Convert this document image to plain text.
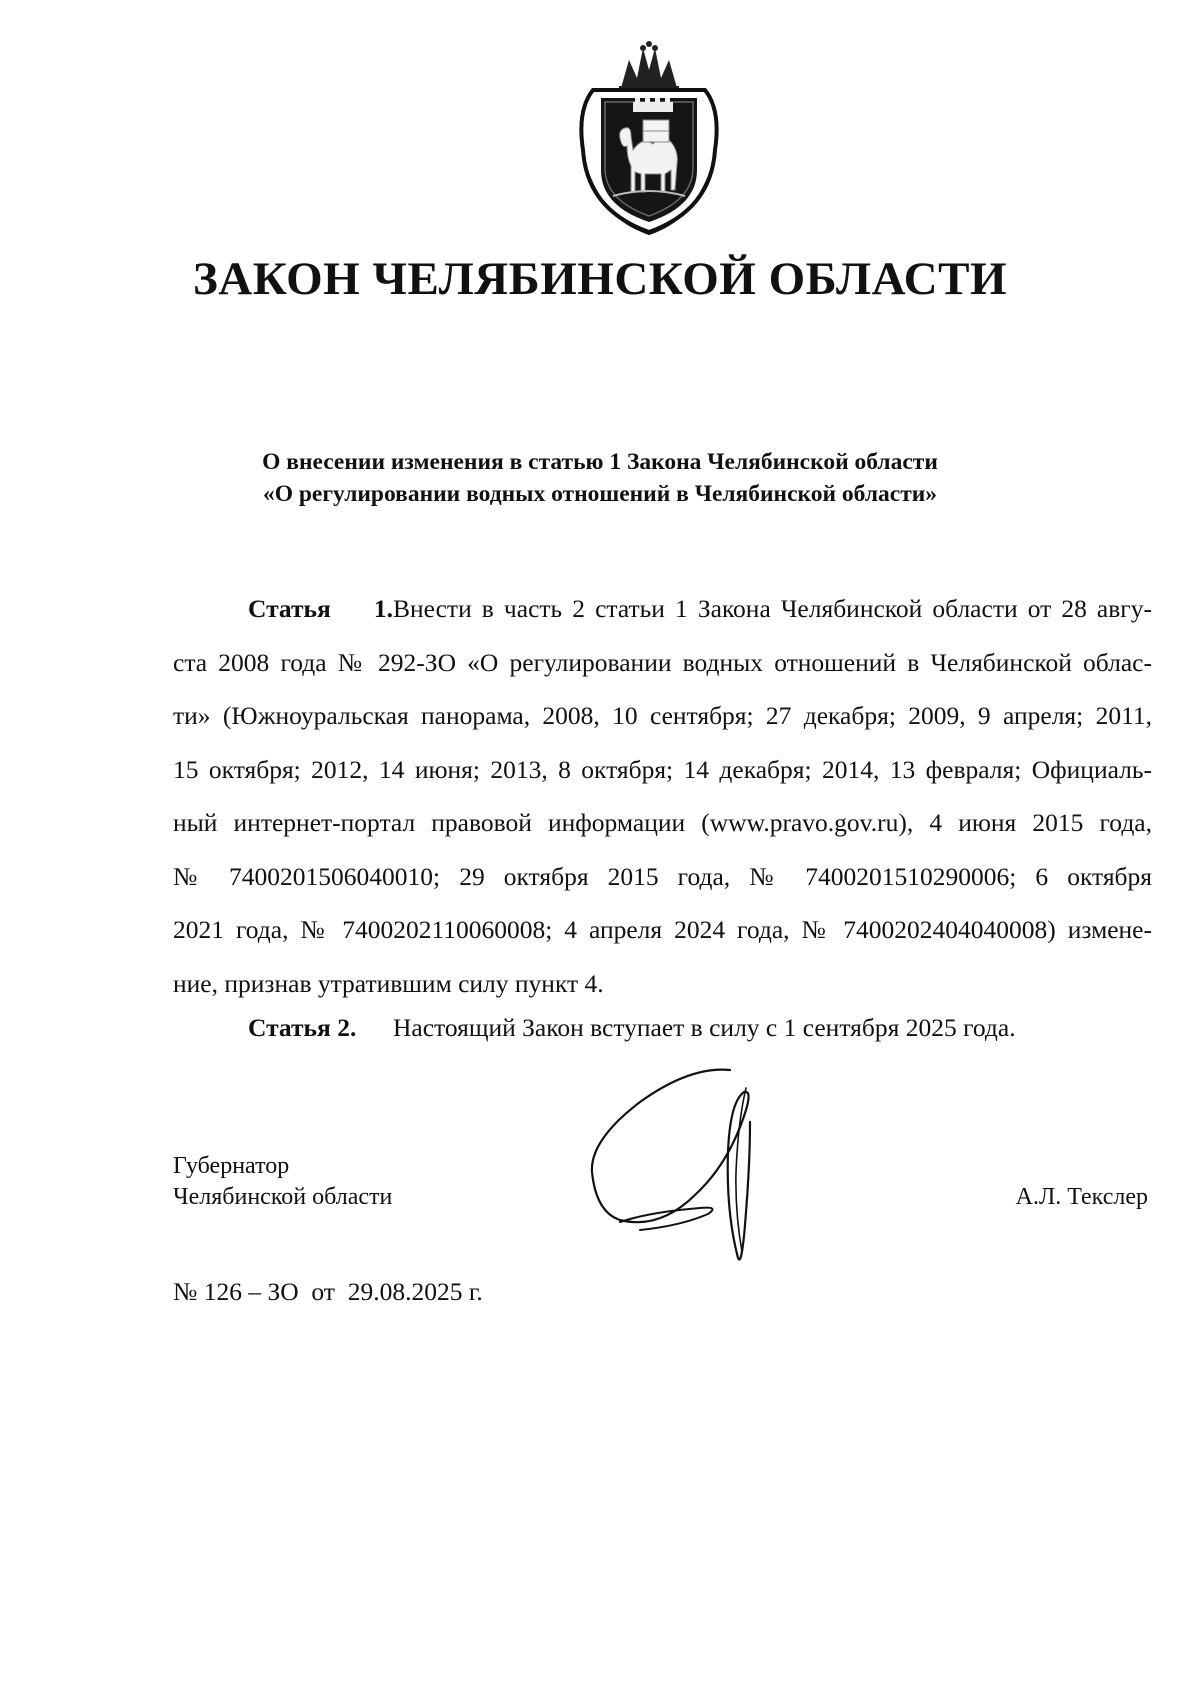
ЗАКОН ЧЕЛЯБИНСКОЙ ОБЛАСТИ
О внесении изменения в статью 1 Закона Челябинской области
«О регулировании водных отношений в Челябинской области»
Статья 1.Внести в часть 2 статьи 1 Закона Челябинской области от 28 авгу-
ста 2008 года № 292-ЗО «О регулировании водных отношений в Челябинской облас-
ти» (Южноуральская панорама, 2008, 10 сентября; 27 декабря; 2009, 9 апреля; 2011,
15 октября; 2012, 14 июня; 2013, 8 октября; 14 декабря; 2014, 13 февраля; Официаль-
ный интернет-портал правовой информации (www.pravo.gov.ru), 4 июня 2015 года,
№ 7400201506040010; 29 октября 2015 года, № 7400201510290006; 6 октября
2021 года, № 7400202110060008; 4 апреля 2024 года, № 7400202404040008) измене-
ние, признав утратившим силу пункт 4.
Статья 2. Настоящий Закон вступает в силу с 1 сентября 2025 года.
Губернатор
Челябинской области	А.Л. Текслер
№ 126 – ЗО  от  29.08.2025 г.
